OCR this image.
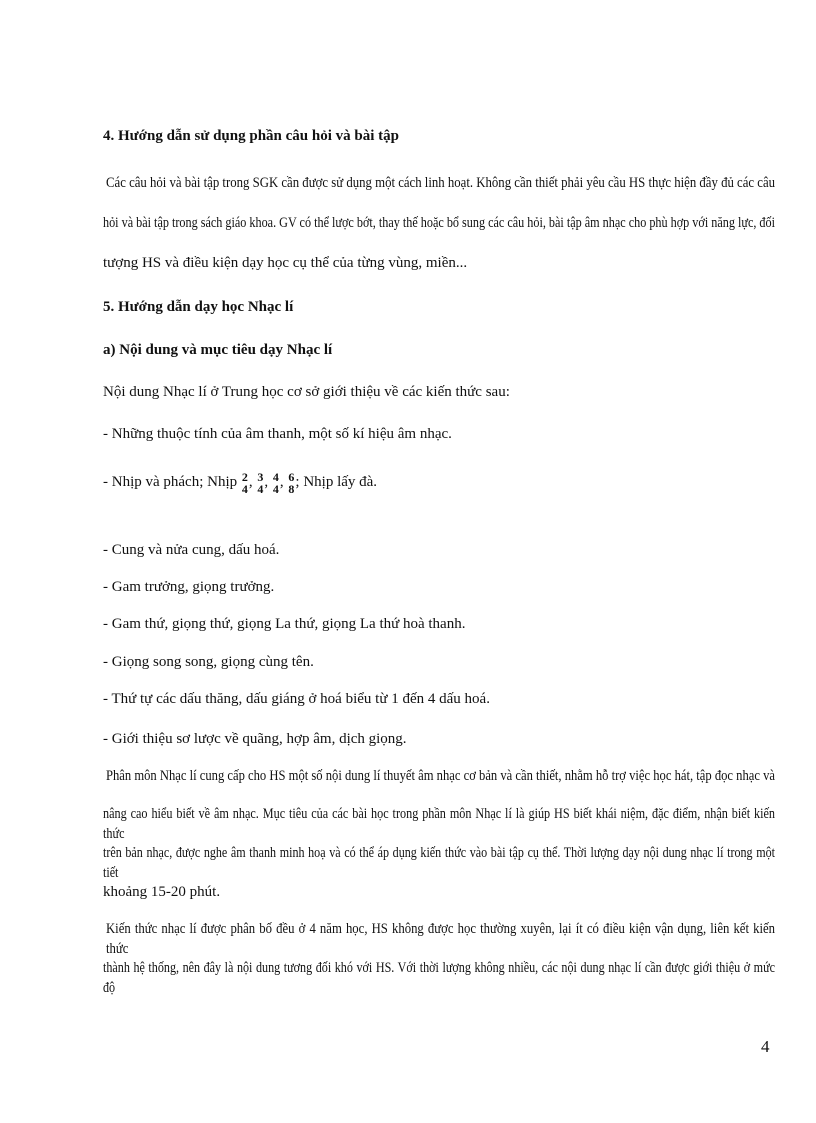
4. Hướng dẫn sử dụng phần câu hỏi và bài tập
Các câu hỏi và bài tập trong SGK cần được sử dụng một cách linh hoạt. Không cần thiết phải yêu cầu HS thực hiện đầy đủ các câu
hỏi và bài tập trong sách giáo khoa. GV có thể lược bớt, thay thế hoặc bổ sung các câu hỏi, bài tập âm nhạc cho phù hợp với năng lực, đối
tượng HS và điều kiện dạy học cụ thể của từng vùng, miền...
5. Hướng dẫn dạy học Nhạc lí
a) Nội dung và mục tiêu dạy Nhạc lí
Nội dung Nhạc lí ở Trung học cơ sở giới thiệu về các kiến thức sau:
- Những thuộc tính của âm thanh, một số kí hiệu âm nhạc.
- Nhịp và phách; Nhịp 2
4 , 3
4 , 4
4 , 6
8 ; Nhịp lấy đà.
- Cung và nửa cung, dấu hoá.
- Gam trưởng, giọng trưởng.
- Gam thứ, giọng thứ, giọng La thứ, giọng La thứ hoà thanh.
- Giọng song song, giọng cùng tên.
- Thứ tự các dấu thăng, dấu giáng ở hoá biểu từ 1 đến 4 dấu hoá.
- Giới thiệu sơ lược về quãng, hợp âm, dịch giọng.
Phân môn Nhạc lí cung cấp cho HS một số nội dung lí thuyết âm nhạc cơ bản và cần thiết, nhằm hỗ trợ việc học hát, tập đọc nhạc và
nâng cao hiểu biết về âm nhạc. Mục tiêu của các bài học trong phần môn Nhạc lí là giúp HS biết khái niệm, đặc điểm, nhận biết kiến thức
trên bản nhạc, được nghe âm thanh minh hoạ và có thể áp dụng kiến thức vào bài tập cụ thể. Thời lượng dạy nội dung nhạc lí trong một tiết
khoảng 15-20 phút.
Kiến thức nhạc lí được phân bố đều ở 4 năm học, HS không được học thường xuyên, lại ít có điều kiện vận dụng, liên kết kiến thức
thành hệ thống, nên đây là nội dung tương đối khó với HS. Với thời lượng không nhiều, các nội dung nhạc lí cần được giới thiệu ở mức độ
4
